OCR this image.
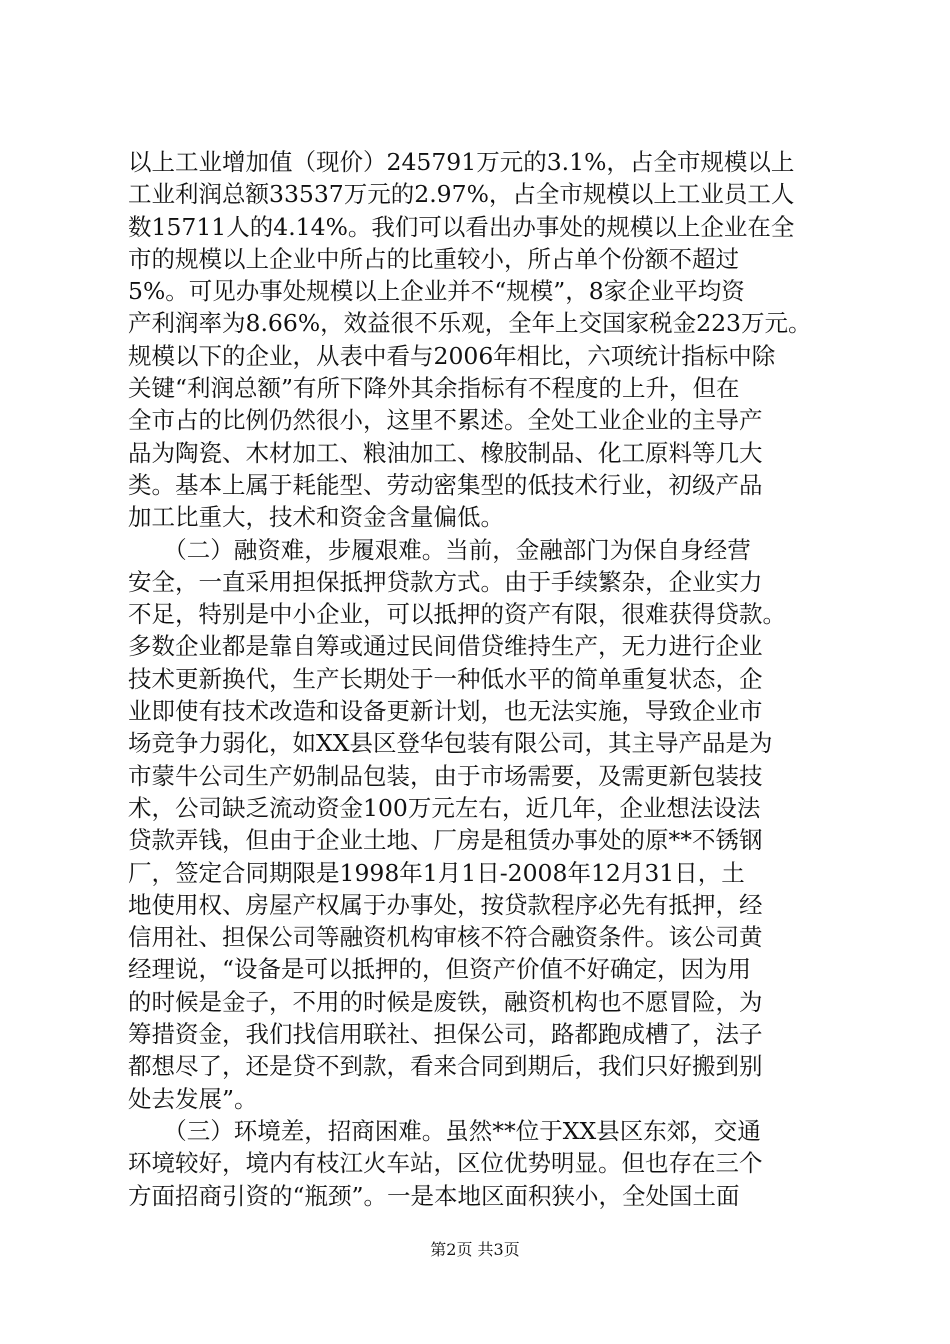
以上工业增加值（现价）245791万元的3.1%，占全市规模以上
工业利润总额33537万元的2.97%，占全市规模以上工业员工人
数15711人的4.14%。我们可以看出办事处的规模以上企业在全
市的规模以上企业中所占的比重较小，所占单个份额不超过
5%。可见办事处规模以上企业并不“规模”，8家企业平均资
产利润率为8.66%，效益很不乐观，全年上交国家税金223万元。
规模以下的企业，从表中看与2006年相比，六项统计指标中除
关键“利润总额”有所下降外其余指标有不程度的上升，但在
全市占的比例仍然很小，这里不累述。全处工业企业的主导产
品为陶瓷、木材加工、粮油加工、橡胶制品、化工原料等几大
类。基本上属于耗能型、劳动密集型的低技术行业，初级产品
加工比重大，技术和资金含量偏低。
　　（二）融资难，步履艰难。当前，金融部门为保自身经营
安全，一直采用担保抵押贷款方式。由于手续繁杂，企业实力
不足，特别是中小企业，可以抵押的资产有限，很难获得贷款。
多数企业都是靠自筹或通过民间借贷维持生产，无力进行企业
技术更新换代，生产长期处于一种低水平的简单重复状态，企
业即使有技术改造和设备更新计划，也无法实施，导致企业市
场竞争力弱化，如XX县区登华包装有限公司，其主导产品是为
市蒙牛公司生产奶制品包装，由于市场需要，及需更新包装技
术，公司缺乏流动资金100万元左右，近几年，企业想法设法
贷款弄钱，但由于企业土地、厂房是租赁办事处的原**不锈钢
厂，签定合同期限是1998年1月1日-2008年12月31日，土
地使用权、房屋产权属于办事处，按贷款程序必先有抵押，经
信用社、担保公司等融资机构审核不符合融资条件。该公司黄
经理说，“设备是可以抵押的，但资产价值不好确定，因为用
的时候是金子，不用的时候是废铁，融资机构也不愿冒险，为
筹措资金，我们找信用联社、担保公司，路都跑成槽了，法子
都想尽了，还是贷不到款，看来合同到期后，我们只好搬到别
处去发展”。
　　（三）环境差，招商困难。虽然**位于XX县区东郊，交通
环境较好，境内有枝江火车站，区位优势明显。但也存在三个
方面招商引资的“瓶颈”。一是本地区面积狭小，全处国土面
第2页 共3页
